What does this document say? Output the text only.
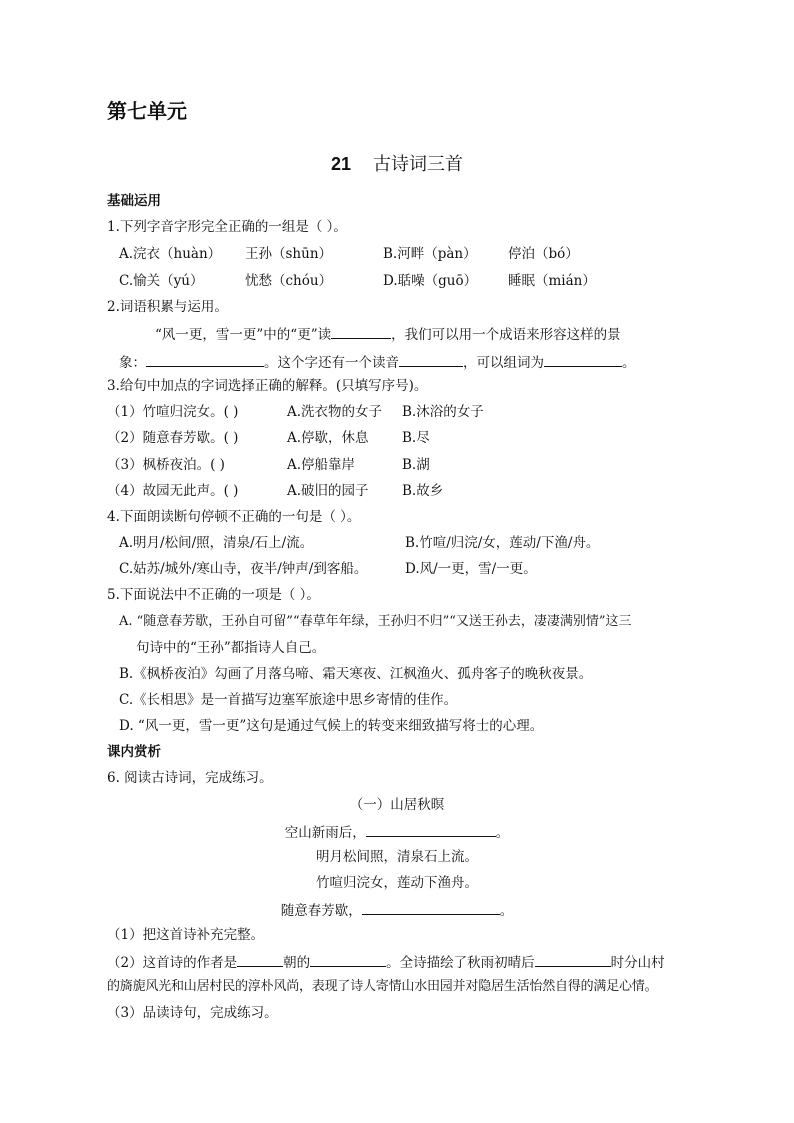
第七单元
21 古诗词三首
基础运用
1.下列字音字形完全正确的一组是（ ）。
A.浣衣（huàn） 王孙（shūn）	B.河畔（pàn） 停泊（bó）
C.愉关（yú）	忧愁（chóu）	D.聒噪（guō） 睡眠（mián）
2.词语积累与运用。
“风一更，雪一更”中的“更”读	，我们可以用一个成语来形容这样的景
象：	。这个字还有一个读音	，可以组词为	。
3.给句中加点的字词选择正确的解释。(只填写序号)。
（1）竹喧归浣女。( )	A.洗衣物的女子 B.沐浴的女子
（2）随意春芳歇。( )	A.停歇，休息 B.尽
（3）枫桥夜泊。( )	A.停船靠岸	B.湖
（4）故园无此声。( )	A.破旧的园子 B.故乡
4.下面朗读断句停顿不正确的一句是（ ）。
A.明月/松间/照，清泉/石上/流。	B.竹喧/归浣/女，莲动/下渔/舟。
C.姑苏/城外/寒山寺，夜半/钟声/到客船。	D.风/一更，雪/一更。
5.下面说法中不正确的一项是（ ）。
A. “随意春芳歇，王孙自可留”“春草年年绿，王孙归不归”“又送王孙去，凄凄满别情”这三
句诗中的“王孙”都指诗人自己。
B.《枫桥夜泊》勾画了月落乌啼、霜天寒夜、江枫渔火、孤舟客子的晚秋夜景。
C.《长相思》是一首描写边塞军旅途中思乡寄情的佳作。
D. “风一更，雪一更”这句是通过气候上的转变来细致描写将士的心理。
课内赏析
6. 阅读古诗词，完成练习。
（一）山居秋暝
空山新雨后，	。
明月松间照，清泉石上流。
竹喧归浣女，莲动下渔舟。
随意春芳歇，	。
（1）把这首诗补充完整。
（2）这首诗的作者是	朝的	。全诗描绘了秋雨初晴后	时分山村
的旖旎风光和山居村民的淳朴风尚，表现了诗人寄情山水田园并对隐居生活怡然自得的满足心情。
（3）品读诗句，完成练习。
